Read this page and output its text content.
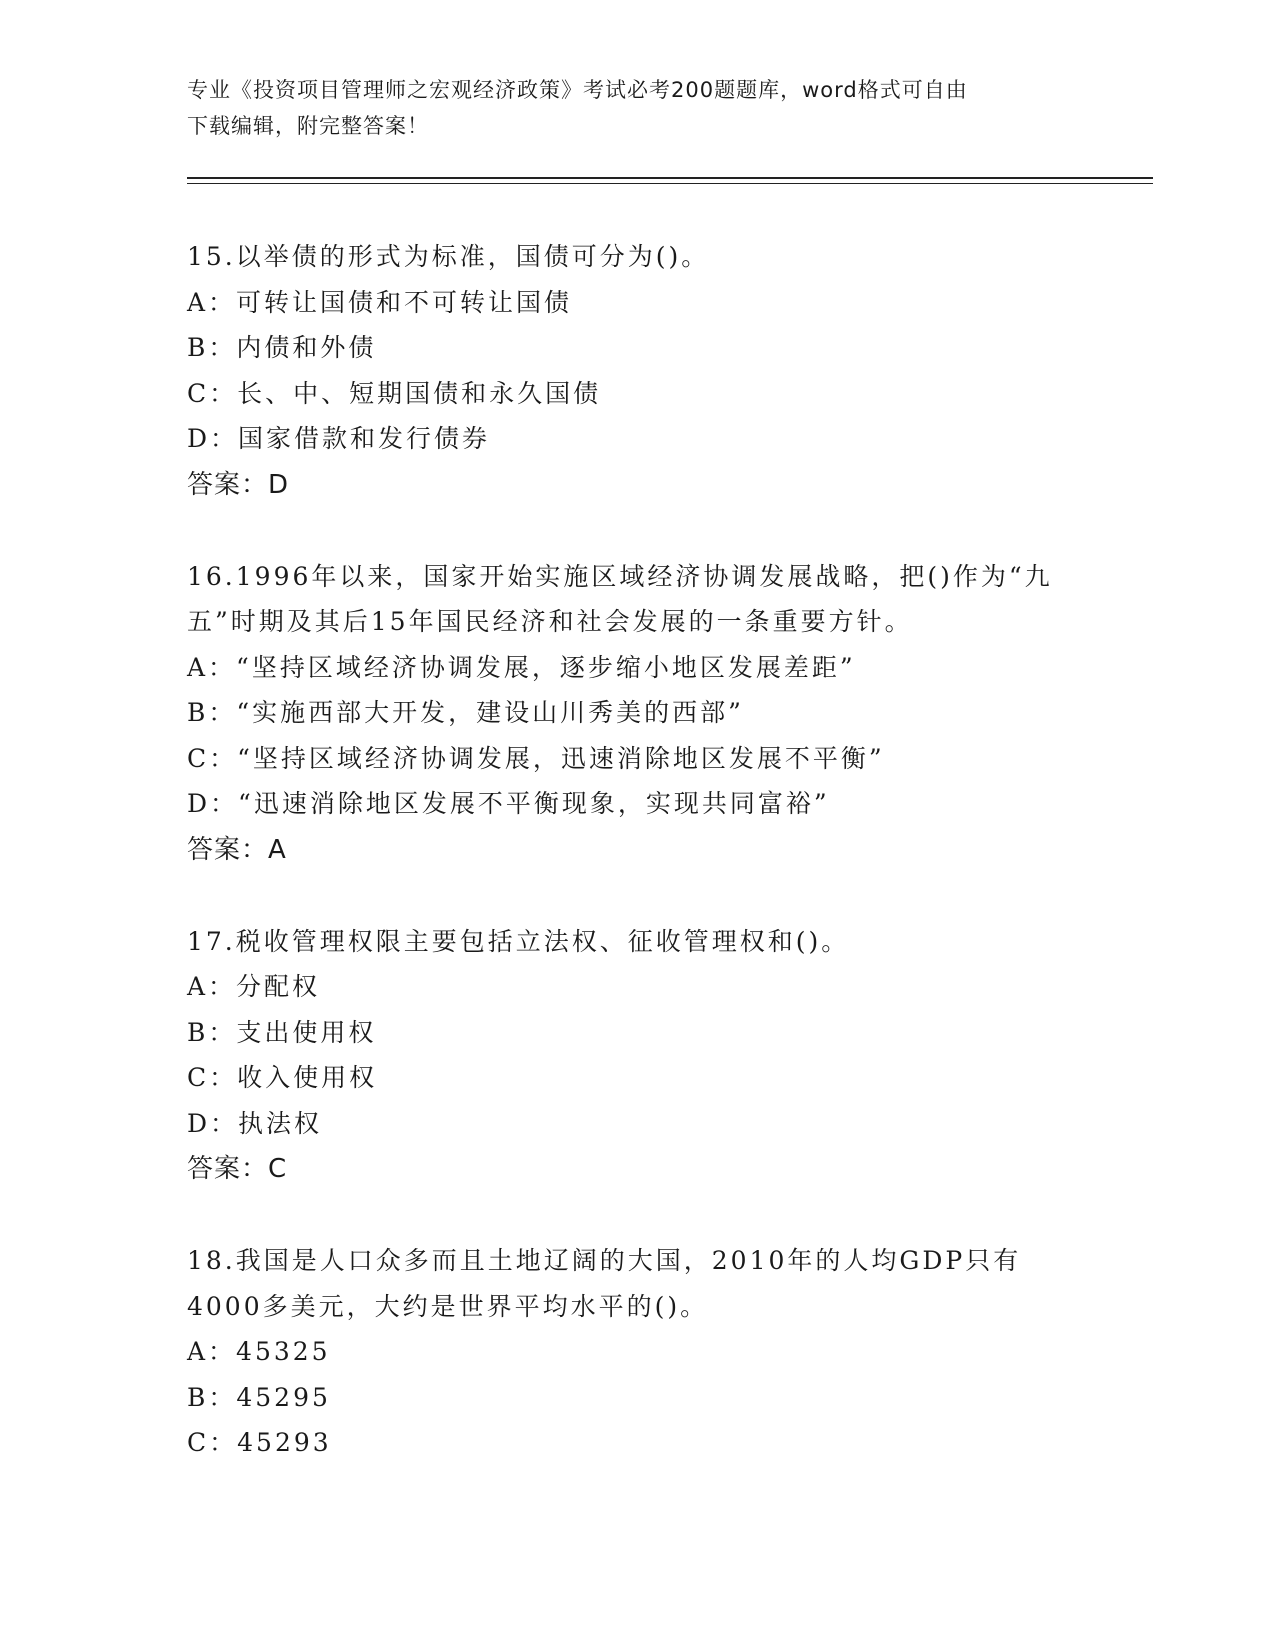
专业《投资项目管理师之宏观经济政策》考试必考200题题库，word格式可自由
下载编辑，附完整答案！
15.以举债的形式为标准，国债可分为()。
A：可转让国债和不可转让国债
B：内债和外债
C：长、中、短期国债和永久国债
D：国家借款和发行债券
答案：D
16.1996年以来，国家开始实施区域经济协调发展战略，把()作为“九
五”时期及其后15年国民经济和社会发展的一条重要方针。
A：“坚持区域经济协调发展，逐步缩小地区发展差距”
B：“实施西部大开发，建设山川秀美的西部”
C：“坚持区域经济协调发展，迅速消除地区发展不平衡”
D：“迅速消除地区发展不平衡现象，实现共同富裕”
答案：A
17.税收管理权限主要包括立法权、征收管理权和()。
A：分配权
B：支出使用权
C：收入使用权
D：执法权
答案：C
18.我国是人口众多而且土地辽阔的大国，2010年的人均GDP只有
4000多美元，大约是世界平均水平的()。
A：45325
B：45295
C：45293
